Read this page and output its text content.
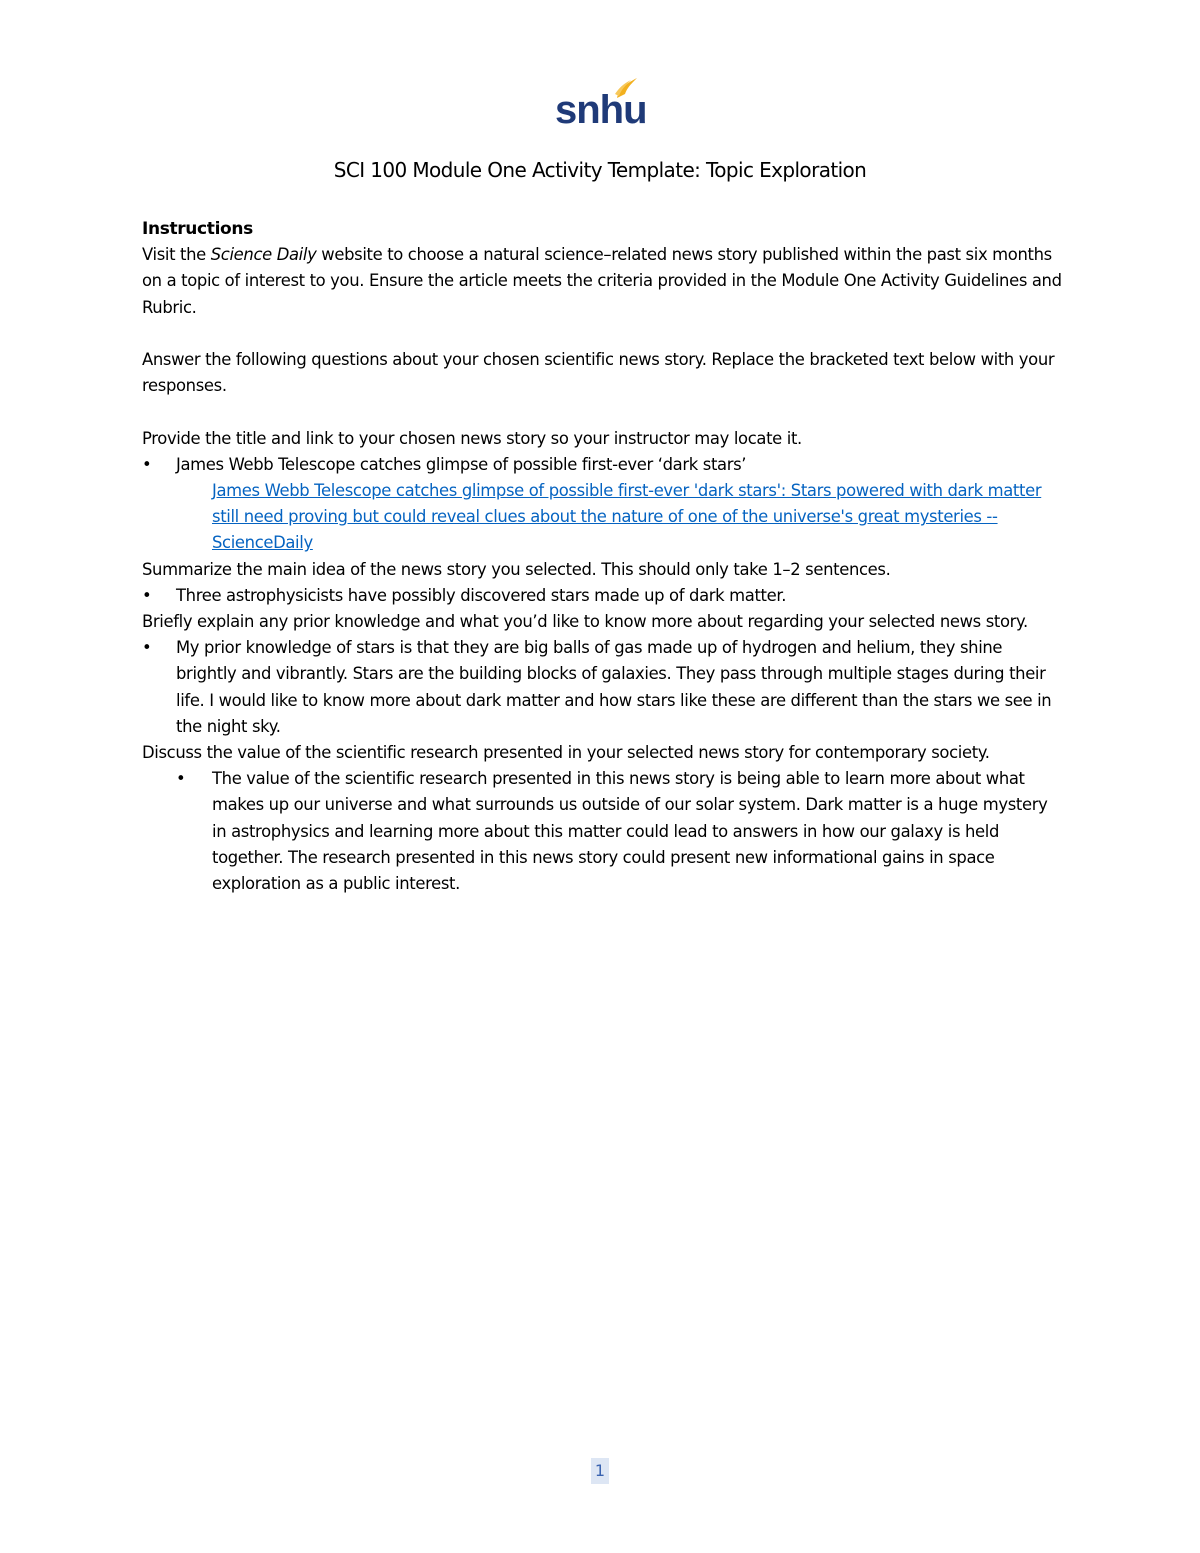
snhu
SCI 100 Module One Activity Template: Topic Exploration

Instructions

Visit the Science Daily website to choose a natural science–related news story published within the past six months on a topic of interest to you. Ensure the article meets the criteria provided in the Module One Activity Guidelines and Rubric.

Answer the following questions about your chosen scientific news story. Replace the bracketed text below with your responses.

Provide the title and link to your chosen news story so your instructor may locate it.

• James Webb Telescope catches glimpse of possible first-ever ‘dark stars’

James Webb Telescope catches glimpse of possible first-ever 'dark stars': Stars powered with dark matter still need proving but could reveal clues about the nature of one of the universe's great mysteries -- ScienceDaily

Summarize the main idea of the news story you selected. This should only take 1–2 sentences.

• Three astrophysicists have possibly discovered stars made up of dark matter.

Briefly explain any prior knowledge and what you’d like to know more about regarding your selected news story.

• My prior knowledge of stars is that they are big balls of gas made up of hydrogen and helium, they shine brightly and vibrantly. Stars are the building blocks of galaxies. They pass through multiple stages during their life. I would like to know more about dark matter and how stars like these are different than the stars we see in the night sky.

Discuss the value of the scientific research presented in your selected news story for contemporary society.

• The value of the scientific research presented in this news story is being able to learn more about what makes up our universe and what surrounds us outside of our solar system. Dark matter is a huge mystery in astrophysics and learning more about this matter could lead to answers in how our galaxy is held together. The research presented in this news story could present new informational gains in space exploration as a public interest.

1
